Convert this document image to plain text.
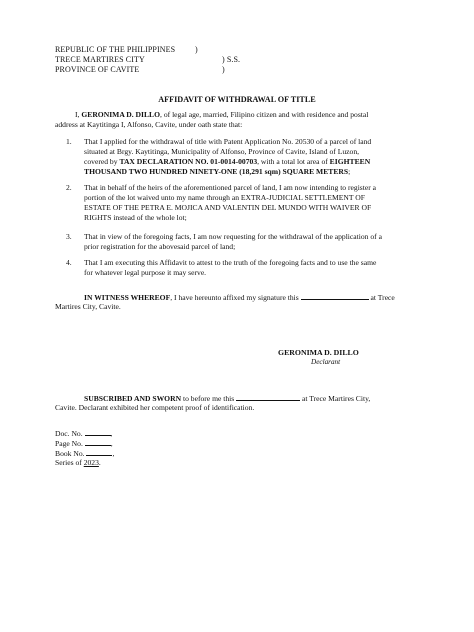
REPUBLIC OF THE PHILIPPINES )
TRECE MARTIRES CITY	) S.S.
PROVINCE OF CAVITE	)
AFFIDAVIT OF WITHDRAWAL OF TITLE
I, GERONIMA D. DILLO, of legal age, married, Filipino citizen and with residence and postal
address at Kaytitinga I, Alfonso, Cavite, under oath state that:
1. That I applied for the withdrawal of title with Patent Application No. 20530 of a parcel of land
situated at Brgy. Kaytitinga, Municipality of Alfonso, Province of Cavite, Island of Luzon,
covered by TAX DECLARATION NO. 01-0014-00703, with a total lot area of EIGHTEEN
THOUSAND TWO HUNDRED NINETY-ONE (18,291 sqm) SQUARE METERS;
2. That in behalf of the heirs of the aforementioned parcel of land, I am now intending to register a
portion of the lot waived unto my name through an EXTRA-JUDICIAL SETTLEMENT OF
ESTATE OF THE PETRA E. MOJICA AND VALENTIN DEL MUNDO WITH WAIVER OF
RIGHTS instead of the whole lot;
3. That in view of the foregoing facts, I am now requesting for the withdrawal of the application of a
prior registration for the abovesaid parcel of land;
4. That I am executing this Affidavit to attest to the truth of the foregoing facts and to use the same
for whatever legal purpose it may serve.
IN WITNESS WHEREOF, I have hereunto affixed my signature this	at Trece
Martires City, Cavite.
GERONIMA D. DILLO
Declarant
SUBSCRIBED AND SWORN to before me this	at Trece Martires City,
Cavite. Declarant exhibited her competent proof of identification.
Doc. No.	,
Page No.	,
Book No.	,
Series of 2023.
